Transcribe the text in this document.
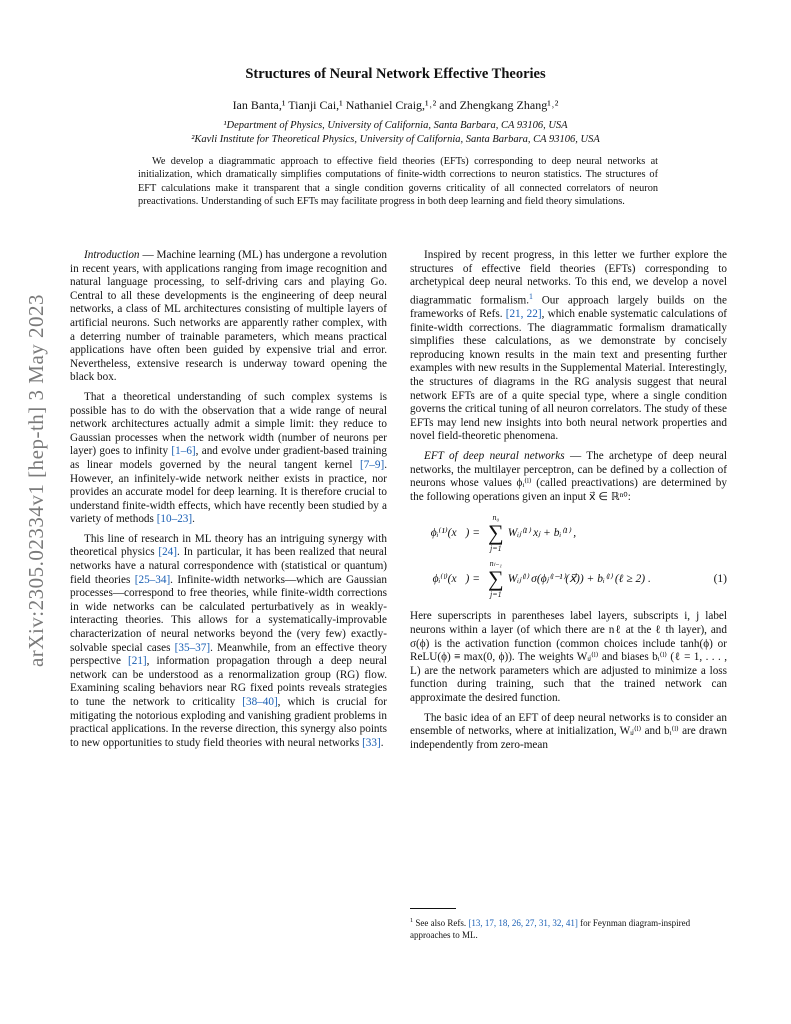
arXiv:2305.02334v1 [hep-th] 3 May 2023
Structures of Neural Network Effective Theories
Ian Banta,¹ Tianji Cai,¹ Nathaniel Craig,¹˒² and Zhengkang Zhang¹˒²
¹Department of Physics, University of California, Santa Barbara, CA 93106, USA
²Kavli Institute for Theoretical Physics, University of California, Santa Barbara, CA 93106, USA
We develop a diagrammatic approach to effective field theories (EFTs) corresponding to deep neural networks at initialization, which dramatically simplifies computations of finite-width corrections to neuron statistics. The structures of EFT calculations make it transparent that a single condition governs criticality of all connected correlators of neuron preactivations. Understanding of such EFTs may facilitate progress in both deep learning and field theory simulations.

Introduction — Machine learning (ML) has undergone a revolution in recent years, with applications ranging from image recognition and natural language processing, to self-driving cars and playing Go. Central to all these developments is the engineering of deep neural networks, a class of ML architectures consisting of multiple layers of artificial neurons. Such networks are apparently rather complex, with a deterring number of trainable parameters, which means practical applications have often been guided by expensive trial and error. Nevertheless, extensive research is underway toward opening the black box.

That a theoretical understanding of such complex systems is possible has to do with the observation that a wide range of neural network architectures actually admit a simple limit: they reduce to Gaussian processes when the network width (number of neurons per layer) goes to infinity [1–6], and evolve under gradient-based training as linear models governed by the neural tangent kernel [7–9]. However, an infinitely-wide network neither exists in practice, nor provides an accurate model for deep learning. It is therefore crucial to understand finite-width effects, which have recently been studied by a variety of methods [10–23].

This line of research in ML theory has an intriguing synergy with theoretical physics [24]. In particular, it has been realized that neural networks have a natural correspondence with (statistical or quantum) field theories [25–34]. Infinite-width networks—which are Gaussian processes—correspond to free theories, while finite-width corrections in wide networks can be calculated perturbatively as in weakly-interacting theories. This allows for a systematically-improvable characterization of neural networks beyond the (very few) exactly-solvable special cases [35–37]. Meanwhile, from an effective theory perspective [21], information propagation through a deep neural network can be understood as a renormalization group (RG) flow. Examining scaling behaviors near RG fixed points reveals strategies to tune the network to criticality [38–40], which is crucial for mitigating the notorious exploding and vanishing gradient problems in practical applications. In the reverse direction, this synergy also points to new opportunities to study field theories with neural networks [33].

Inspired by recent progress, in this letter we further explore the structures of effective field theories (EFTs) corresponding to archetypical deep neural networks. To this end, we develop a novel diagrammatic formalism.$^1$ Our approach largely builds on the frameworks of Refs. [21, 22], which enable systematic calculations of finite-width corrections. The diagrammatic formalism dramatically simplifies these calculations, as we demonstrate by concisely reproducing known results in the main text and presenting further examples with new results in the Supplemental Material. Interestingly, the structures of diagrams in the RG analysis suggest that neural network EFTs are of a quite special type, where a single condition governs the critical tuning of all neuron correlators. The study of these EFTs may lend new insights into both neural network properties and novel field-theoretic phenomena.

EFT of deep neural networks — The archetype of deep neural networks, the multilayer perceptron, can be defined by a collection of neurons whose values ϕᵢ⁽ˡ⁾ (called preactivations) are determined by the following operations given an input x⃗ ∈ ℝⁿ⁰:

ϕᵢ⁽¹⁾(x⃗) =
n₀
∑
j=1
Wᵢⱼ⁽¹⁾ xⱼ + bᵢ⁽¹⁾ ,
ϕᵢ⁽ˡ⁾(x⃗) =
nₗ₋₁
∑
j=1
Wᵢⱼ⁽ˡ⁾ σ(ϕⱼ⁽ˡ⁻¹⁾(x⃗)) + bᵢ⁽ˡ⁾ (ℓ ≥ 2) .	(1)

Here superscripts in parentheses label layers, subscripts i, j label neurons within a layer (of which there are nℓ at the ℓ th layer), and σ(ϕ) is the activation function (common choices include tanh(ϕ) or ReLU(ϕ) ≡ max(0, ϕ)). The weights Wᵢⱼ⁽ˡ⁾ and biases bᵢ⁽ˡ⁾ (ℓ = 1, . . . , L) are the network parameters which are adjusted to minimize a loss function during training, such that the trained network can approximate the desired function.

The basic idea of an EFT of deep neural networks is to consider an ensemble of networks, where at initialization, Wᵢⱼ⁽ˡ⁾ and bᵢ⁽ˡ⁾ are drawn independently from zero-mean

$^1$ See also Refs. [13, 17, 18, 26, 27, 31, 32, 41] for Feynman diagram-inspired approaches to ML.
